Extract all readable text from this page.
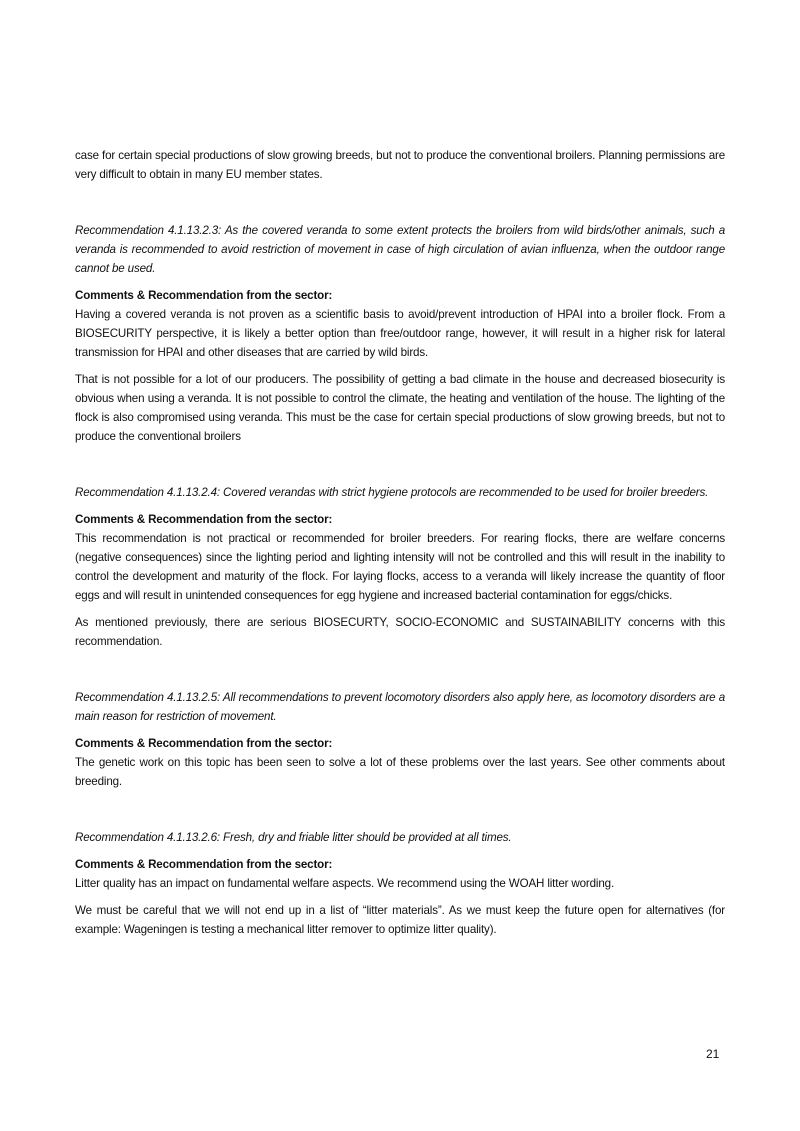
case for certain special productions of slow growing breeds, but not to produce the conventional broilers. Planning permissions are very difficult to obtain in many EU member states.

Recommendation 4.1.13.2.3: As the covered veranda to some extent protects the broilers from wild birds/other animals, such a veranda is recommended to avoid restriction of movement in case of high circulation of avian influenza, when the outdoor range cannot be used.

Comments & Recommendation from the sector:

Having a covered veranda is not proven as a scientific basis to avoid/prevent introduction of HPAI into a broiler flock. From a BIOSECURITY perspective, it is likely a better option than free/outdoor range, however, it will result in a higher risk for lateral transmission for HPAI and other diseases that are carried by wild birds.

That is not possible for a lot of our producers. The possibility of getting a bad climate in the house and decreased biosecurity is obvious when using a veranda. It is not possible to control the climate, the heating and ventilation of the house. The lighting of the flock is also compromised using veranda. This must be the case for certain special productions of slow growing breeds, but not to produce the conventional broilers

Recommendation 4.1.13.2.4: Covered verandas with strict hygiene protocols are recommended to be used for broiler breeders.

Comments & Recommendation from the sector:

This recommendation is not practical or recommended for broiler breeders. For rearing flocks, there are welfare concerns (negative consequences) since the lighting period and lighting intensity will not be controlled and this will result in the inability to control the development and maturity of the flock. For laying flocks, access to a veranda will likely increase the quantity of floor eggs and will result in unintended consequences for egg hygiene and increased bacterial contamination for eggs/chicks.

As mentioned previously, there are serious BIOSECURTY, SOCIO-ECONOMIC and SUSTAINABILITY concerns with this recommendation.

Recommendation 4.1.13.2.5: All recommendations to prevent locomotory disorders also apply here, as locomotory disorders are a main reason for restriction of movement.

Comments & Recommendation from the sector:

The genetic work on this topic has been seen to solve a lot of these problems over the last years. See other comments about breeding.

Recommendation 4.1.13.2.6: Fresh, dry and friable litter should be provided at all times.

Comments & Recommendation from the sector:

Litter quality has an impact on fundamental welfare aspects. We recommend using the WOAH litter wording.

We must be careful that we will not end up in a list of “litter materials”. As we must keep the future open for alternatives (for example: Wageningen is testing a mechanical litter remover to optimize litter quality).

21
